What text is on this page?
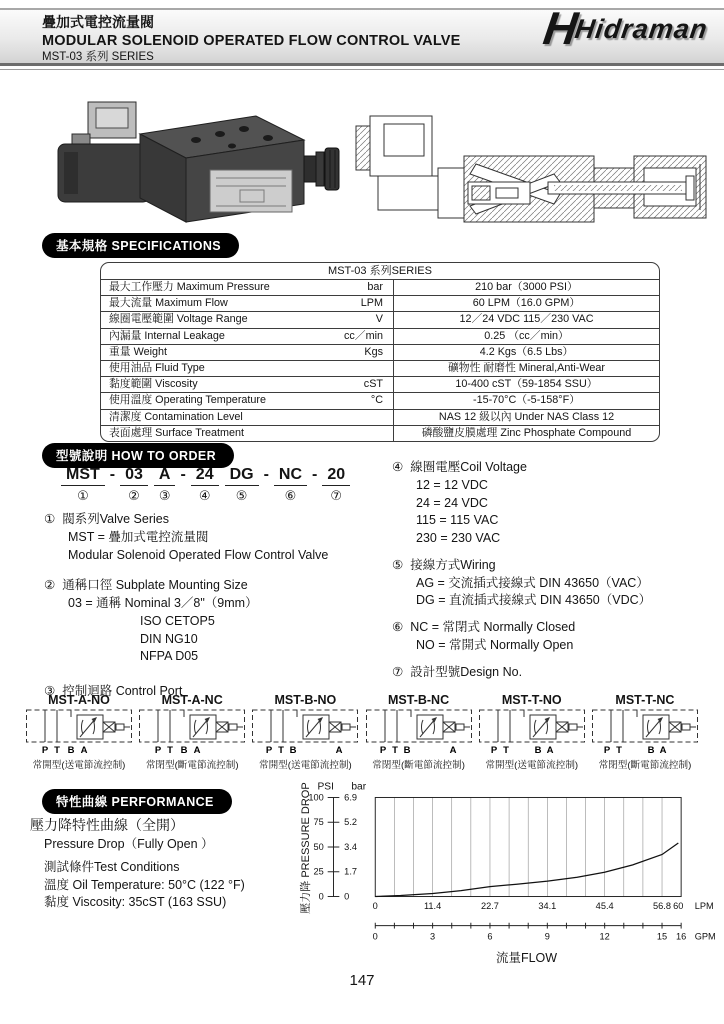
疊加式電控流量閥
MODULAR SOLENOID OPERATED FLOW CONTROL VALVE
MST-03 系列 SERIES
HHidraman
基本規格 SPECIFICATIONS
MST-03 系列SERIES
最大工作壓力 Maximum Pressure	bar	210 bar（3000 PSI）
最大流量 Maximum Flow	LPM	60 LPM（16.0 GPM）
線圈電壓範圍 Voltage Range	V	12／24 VDC 115／230 VAC
內漏量 Internal Leakage	cc／min	0.25 （cc／min）
重量 Weight	Kgs	4.2 Kgs（6.5 Lbs）
使用油品 Fluid Type	礦物性 耐磨性 Mineral,Anti-Wear
黏度範圍 Viscosity	cST	10-400 cST（59-1854 SSU）
使用溫度 Operating Temperature	°C	-15-70°C（-5-158°F）
清潔度 Contamination Level	NAS 12 級以內 Under NAS Class 12
表面處理 Surface Treatment	磷酸鹽皮膜處理 Zinc Phosphate Compound
型號說明 HOW TO ORDER
MST
①
- 03
②
A
③
- 24
④
DG
⑤
- NC
⑥
- 20
⑦
① 閥系列Valve Series
MST = 疊加式電控流量閥
Modular Solenoid Operated Flow Control Valve
② 通稱口徑 Subplate Mounting Size
03 = 通稱 Nominal 3／8"（9mm）
ISO CETOP5
DIN NG10
NFPA D05
③ 控制迴路 Control Port
④ 線圈電壓Coil Voltage
12 = 12 VDC
24 = 24 VDC
115 = 115 VAC
230 = 230 VAC
⑤ 接線方式Wiring
AG = 交流插式接線式 DIN 43650（VAC）
DG = 直流插式接線式 DIN 43650（VDC）
⑥ NC = 常閉式 Normally Closed
NO = 常開式 Normally Open
⑦ 設計型號Design No.
MST-A-NO
P T B A
常開型(送電節流控制)
MST-A-NC
P T B A
常閉型(斷電節流控制)
MST-B-NO
P T B	A
常開型(送電節流控制)
MST-B-NC
P T B	A
常閉型(斷電節流控制)
MST-T-NO
P T	B A
常開型(送電節流控制)
MST-T-NC
P T	B A
常閉型(斷電節流控制)
特性曲線 PERFORMANCE
壓力降特性曲線（全開）
Pressure Drop（Fully Open ）
測試條件Test Conditions
溫度 Oil Temperature: 50°C (122 °F)
黏度 Viscosity: 35cST (163 SSU)	0 0
25 1.7
50 3.4
75 5.2
100 6.9
PSI bar
0	11.4	22.7	34.1	45.4	56.8 60 LPM
0	3	6	9	12	15 16 GPM
流量FLOW
壓力降 PRESSURE DROP
147
